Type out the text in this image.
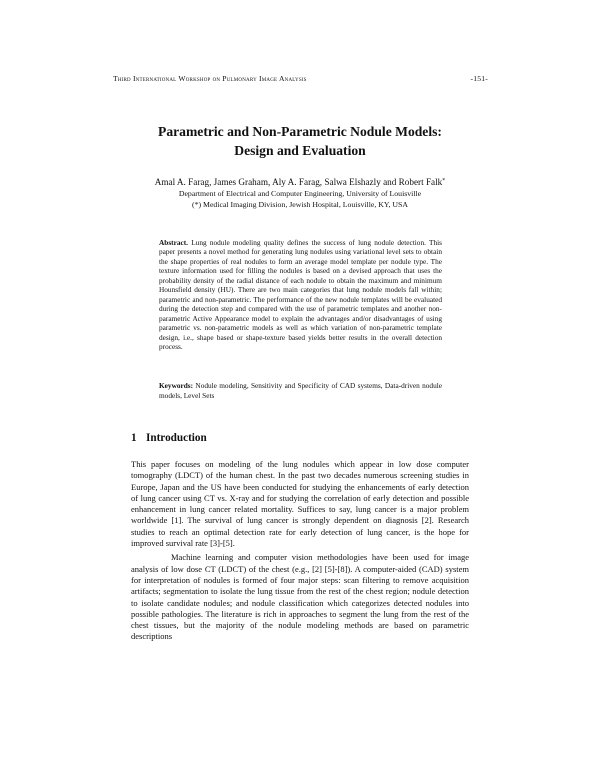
Third International Workshop on Pulmonary Image Analysis	-151-
Parametric and Non-Parametric Nodule Models:
Design and Evaluation
Amal A. Farag, James Graham, Aly A. Farag, Salwa Elshazly and Robert Falk*
Department of Electrical and Computer Engineering, University of Louisville
(*) Medical Imaging Division, Jewish Hospital, Louisville, KY, USA

Abstract. Lung nodule modeling quality defines the success of lung nodule detection. This paper presents a novel method for generating lung nodules using variational level sets to obtain the shape properties of real nodules to form an average model template per nodule type. The texture information used for filling the nodules is based on a devised approach that uses the probability density of the radial distance of each nodule to obtain the maximum and minimum Hounsfield density (HU). There are two main categories that lung nodule models fall within; parametric and non-parametric. The performance of the new nodule templates will be evaluated during the detection step and compared with the use of parametric templates and another non-parametric Active Appearance model to explain the advantages and/or disadvantages of using parametric vs. non-parametric models as well as which variation of non-parametric template design, i.e., shape based or shape-texture based yields better results in the overall detection process.

Keywords: Nodule modeling, Sensitivity and Specificity of CAD systems, Data-driven nodule models, Level Sets

1 Introduction

This paper focuses on modeling of the lung nodules which appear in low dose computer tomography (LDCT) of the human chest. In the past two decades numerous screening studies in Europe, Japan and the US have been conducted for studying the enhancements of early detection of lung cancer using CT vs. X-ray and for studying the correlation of early detection and possible enhancement in lung cancer related mortality. Suffices to say, lung cancer is a major problem worldwide [1]. The survival of lung cancer is strongly dependent on diagnosis [2]. Research studies to reach an optimal detection rate for early detection of lung cancer, is the hope for improved survival rate [3]-[5].

Machine learning and computer vision methodologies have been used for image analysis of low dose CT (LDCT) of the chest (e.g., [2] [5]-[8]). A computer-aided (CAD) system for interpretation of nodules is formed of four major steps: scan filtering to remove acquisition artifacts; segmentation to isolate the lung tissue from the rest of the chest region; nodule detection to isolate candidate nodules; and nodule classification which categorizes detected nodules into possible pathologies. The literature is rich in approaches to segment the lung from the rest of the chest tissues, but the majority of the nodule modeling methods are based on parametric descriptions
